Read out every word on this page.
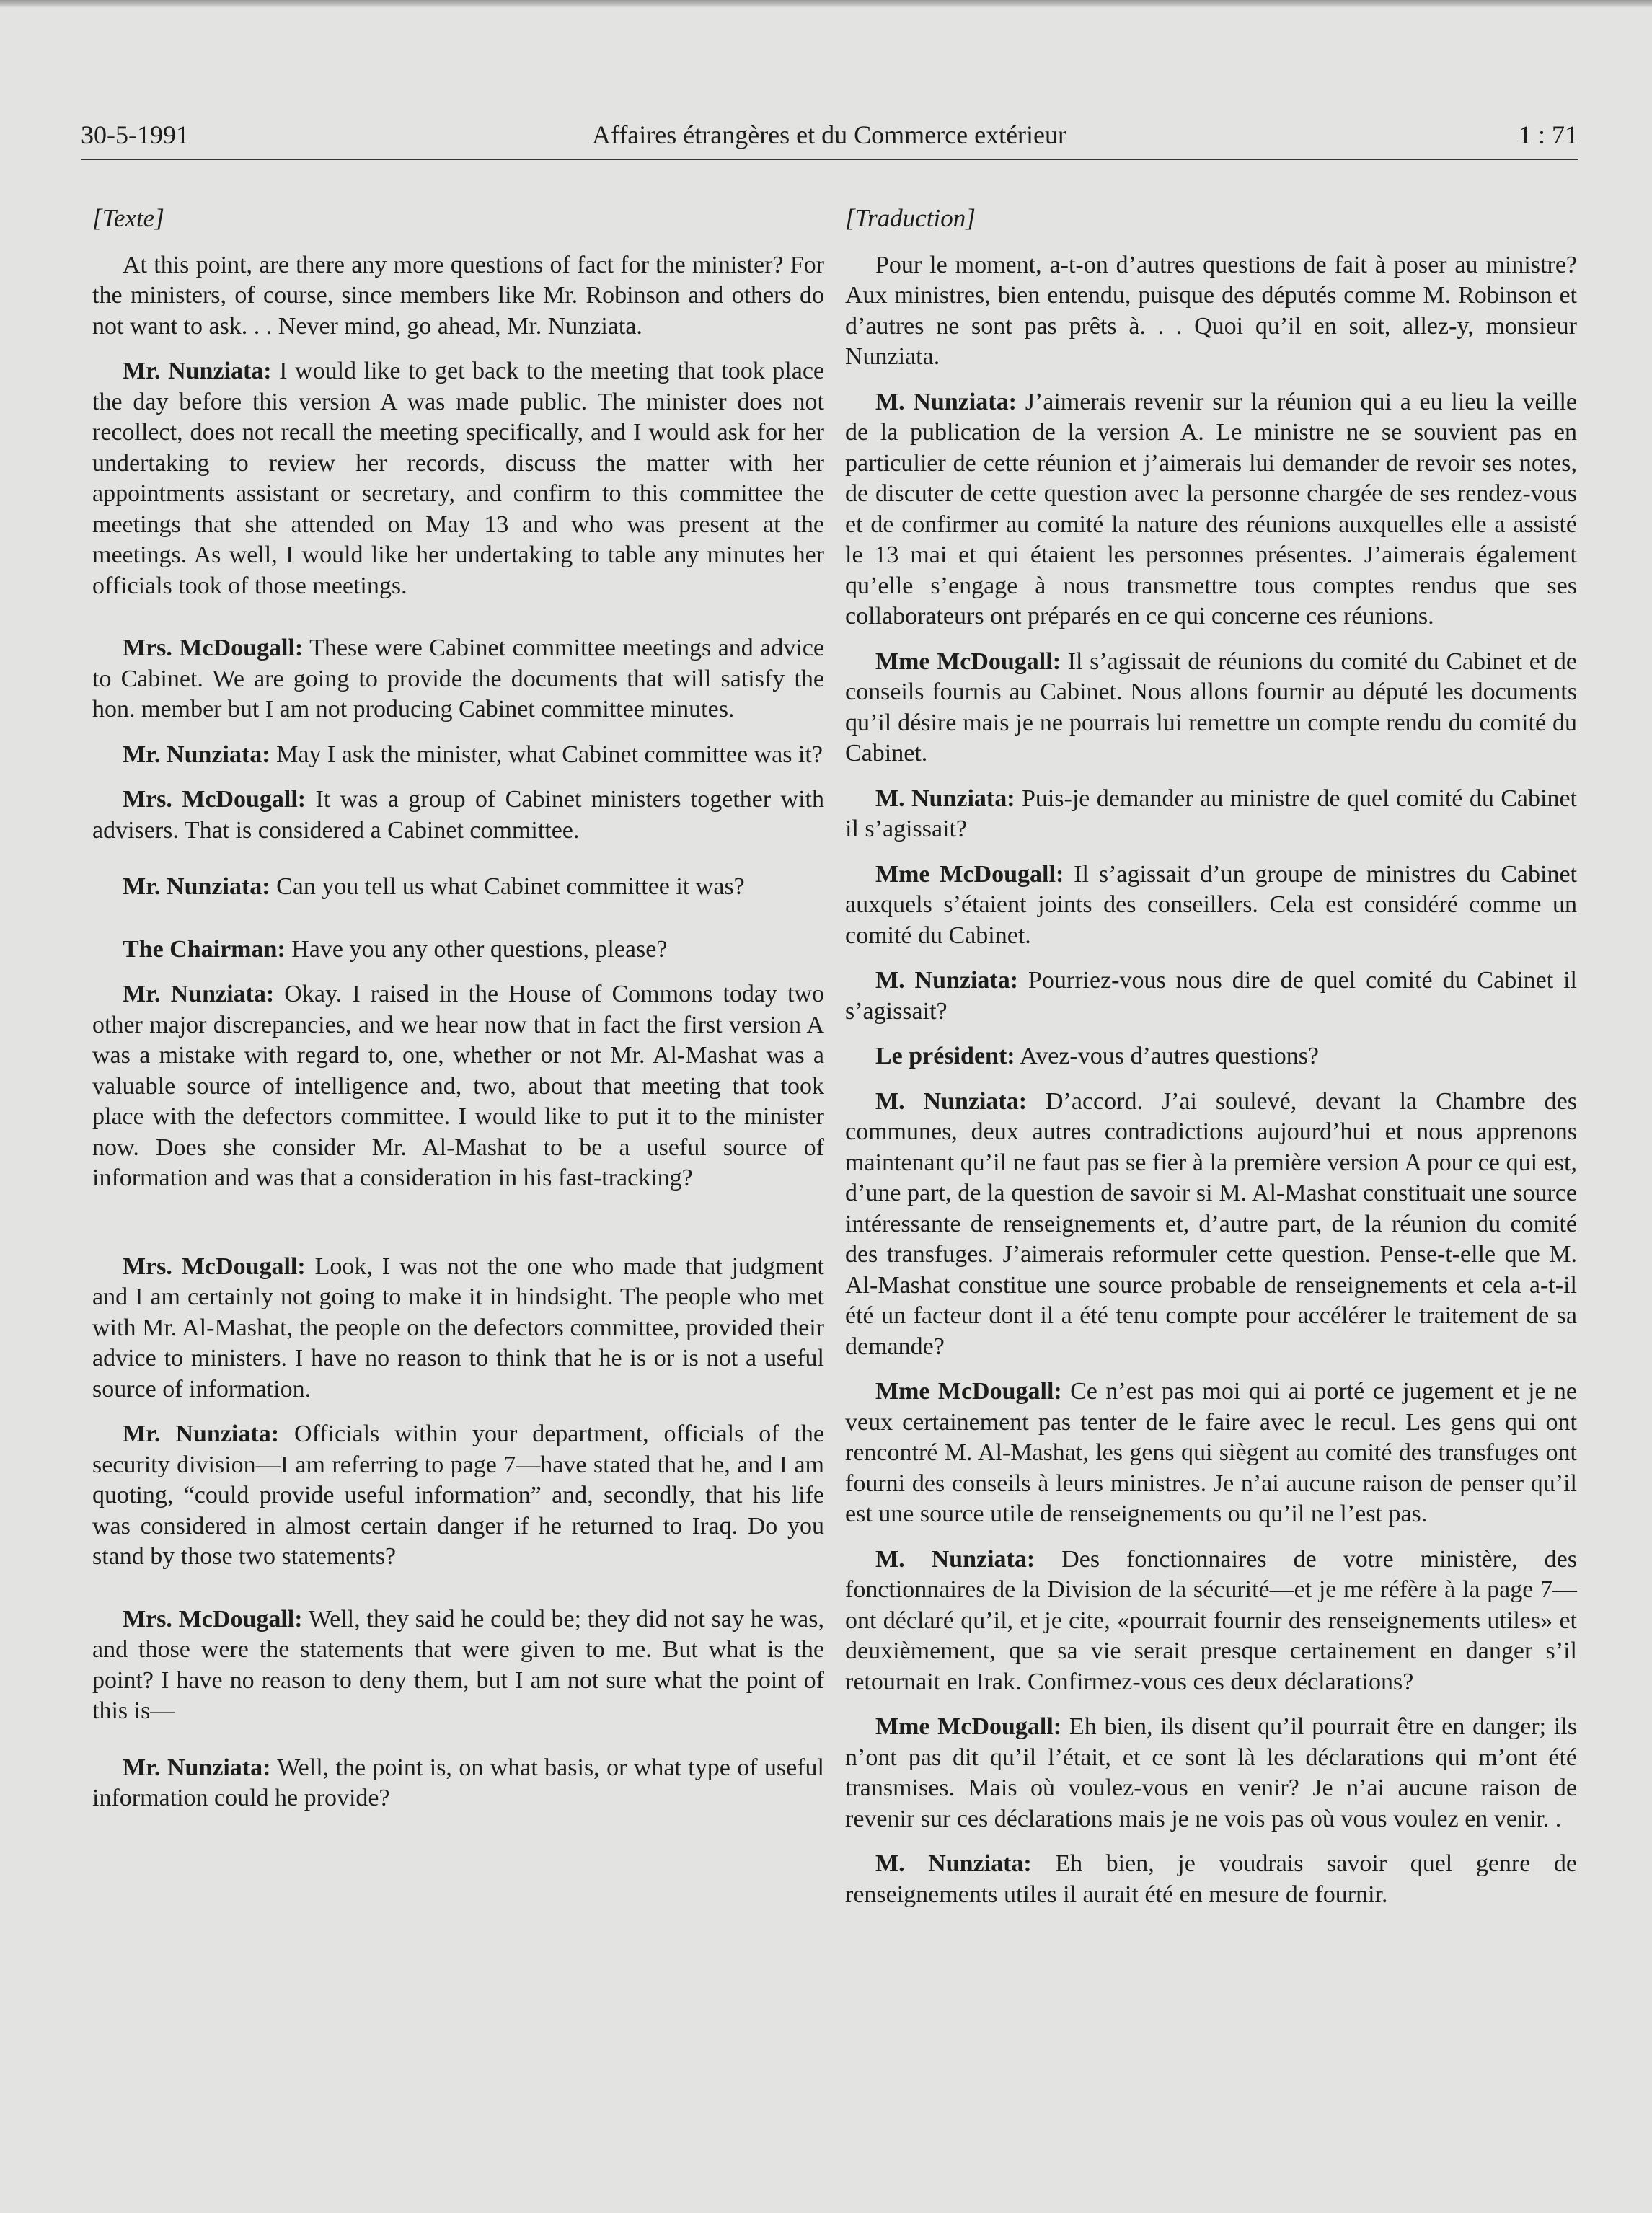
30-5-1991	Affaires étrangères et du Commerce extérieur	1 : 71

[Texte]

At this point, are there any more questions of fact for the minister? For the ministers, of course, since members like Mr. Robinson and others do not want to ask. . . Never mind, go ahead, Mr. Nunziata.

Mr. Nunziata: I would like to get back to the meeting that took place the day before this version A was made public. The minister does not recollect, does not recall the meeting specifically, and I would ask for her undertaking to review her records, discuss the matter with her appointments assistant or secretary, and confirm to this committee the meetings that she attended on May 13 and who was present at the meetings. As well, I would like her undertaking to table any minutes her officials took of those meetings.

Mrs. McDougall: These were Cabinet committee meetings and advice to Cabinet. We are going to provide the documents that will satisfy the hon. member but I am not producing Cabinet committee minutes.

Mr. Nunziata: May I ask the minister, what Cabinet committee was it?

Mrs. McDougall: It was a group of Cabinet ministers together with advisers. That is considered a Cabinet committee.

Mr. Nunziata: Can you tell us what Cabinet committee it was?

The Chairman: Have you any other questions, please?

Mr. Nunziata: Okay. I raised in the House of Commons today two other major discrepancies, and we hear now that in fact the first version A was a mistake with regard to, one, whether or not Mr. Al-Mashat was a valuable source of intelligence and, two, about that meeting that took place with the defectors committee. I would like to put it to the minister now. Does she consider Mr. Al-Mashat to be a useful source of information and was that a consideration in his fast-tracking?

Mrs. McDougall: Look, I was not the one who made that judgment and I am certainly not going to make it in hindsight. The people who met with Mr. Al-Mashat, the people on the defectors committee, provided their advice to ministers. I have no reason to think that he is or is not a useful source of information.

Mr. Nunziata: Officials within your department, officials of the security division—I am referring to page 7—have stated that he, and I am quoting, “could provide useful information” and, secondly, that his life was considered in almost certain danger if he returned to Iraq. Do you stand by those two statements?

Mrs. McDougall: Well, they said he could be; they did not say he was, and those were the statements that were given to me. But what is the point? I have no reason to deny them, but I am not sure what the point of this is—

Mr. Nunziata: Well, the point is, on what basis, or what type of useful information could he provide?

[Traduction]

Pour le moment, a-t-on d’autres questions de fait à poser au ministre? Aux ministres, bien entendu, puisque des députés comme M. Robinson et d’autres ne sont pas prêts à. . . Quoi qu’il en soit, allez-y, monsieur Nunziata.

M. Nunziata: J’aimerais revenir sur la réunion qui a eu lieu la veille de la publication de la version A. Le ministre ne se souvient pas en particulier de cette réunion et j’aimerais lui demander de revoir ses notes, de discuter de cette question avec la personne chargée de ses rendez-vous et de confirmer au comité la nature des réunions auxquelles elle a assisté le 13 mai et qui étaient les personnes présentes. J’aimerais également qu’elle s’engage à nous transmettre tous comptes rendus que ses collaborateurs ont préparés en ce qui concerne ces réunions.

Mme McDougall: Il s’agissait de réunions du comité du Cabinet et de conseils fournis au Cabinet. Nous allons fournir au député les documents qu’il désire mais je ne pourrais lui remettre un compte rendu du comité du Cabinet.

M. Nunziata: Puis-je demander au ministre de quel comité du Cabinet il s’agissait?

Mme McDougall: Il s’agissait d’un groupe de ministres du Cabinet auxquels s’étaient joints des conseillers. Cela est considéré comme un comité du Cabinet.

M. Nunziata: Pourriez-vous nous dire de quel comité du Cabinet il s’agissait?

Le président: Avez-vous d’autres questions?

M. Nunziata: D’accord. J’ai soulevé, devant la Chambre des communes, deux autres contradictions aujourd’hui et nous apprenons maintenant qu’il ne faut pas se fier à la première version A pour ce qui est, d’une part, de la question de savoir si M. Al-Mashat constituait une source intéressante de renseignements et, d’autre part, de la réunion du comité des transfuges. J’aimerais reformuler cette question. Pense-t-elle que M. Al-Mashat constitue une source probable de renseignements et cela a-t-il été un facteur dont il a été tenu compte pour accélérer le traitement de sa demande?

Mme McDougall: Ce n’est pas moi qui ai porté ce jugement et je ne veux certainement pas tenter de le faire avec le recul. Les gens qui ont rencontré M. Al-Mashat, les gens qui siègent au comité des transfuges ont fourni des conseils à leurs ministres. Je n’ai aucune raison de penser qu’il est une source utile de renseignements ou qu’il ne l’est pas.

M. Nunziata: Des fonctionnaires de votre ministère, des fonctionnaires de la Division de la sécurité—et je me réfère à la page 7—ont déclaré qu’il, et je cite, «pourrait fournir des renseignements utiles» et deuxièmement, que sa vie serait presque certainement en danger s’il retournait en Irak. Confirmez-vous ces deux déclarations?

Mme McDougall: Eh bien, ils disent qu’il pourrait être en danger; ils n’ont pas dit qu’il l’était, et ce sont là les déclarations qui m’ont été transmises. Mais où voulez-vous en venir? Je n’ai aucune raison de revenir sur ces déclarations mais je ne vois pas où vous voulez en venir. .

M. Nunziata: Eh bien, je voudrais savoir quel genre de renseignements utiles il aurait été en mesure de fournir.
